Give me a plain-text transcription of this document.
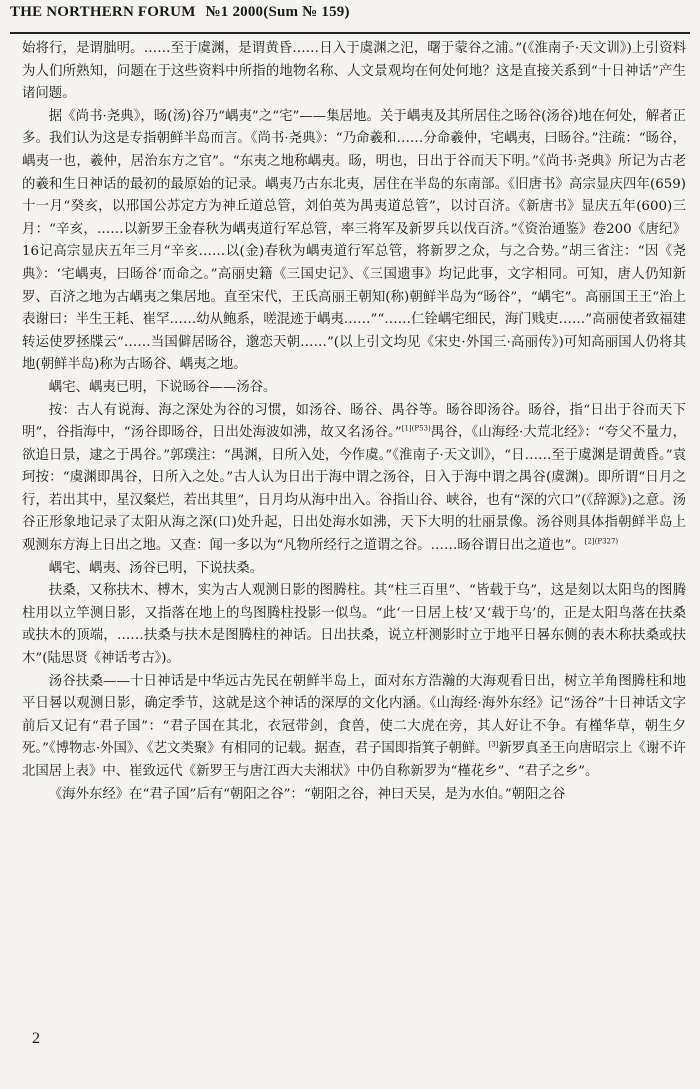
THE NORTHERN FORUM №1 2000(Sum № 159)

始将行，是谓朏明。……至于虞渊，是谓黄昏……日入于虞渊之汜，曙于蒙谷之浦。”(《淮南子·天文训》)上引资料为人们所熟知，问题在于这些资料中所指的地物名称、人文景观均在何处何地？这是直接关系到“十日神话”产生诸问题。

据《尚书·尧典》，旸(汤)谷乃“嵎夷”之“宅”——集居地。关于嵎夷及其所居住之旸谷(汤谷)地在何处，解者正多。我们认为这是专指朝鲜半岛而言。《尚书·尧典》：“乃命羲和……分命羲仲，宅嵎夷，曰旸谷。”注疏：“旸谷，嵎夷一也，羲仲，居治东方之官”。“东夷之地称嵎夷。旸，明也，日出于谷而天下明。”《尚书·尧典》所记为古老的羲和生日神话的最初的最原始的记录。嵎夷乃古东北夷，居住在半岛的东南部。《旧唐书》高宗显庆四年(659)十一月“癸亥，以邢国公苏定方为神丘道总管，刘伯英为禺夷道总管”，以讨百济。《新唐书》显庆五年(600)三月：“辛亥，……以新罗王金春秋为嵎夷道行军总管，率三将军及新罗兵以伐百济。”《资治通鉴》卷200《唐纪》16记高宗显庆五年三月“辛亥……以(金)春秋为嵎夷道行军总管，将新罗之众，与之合势。”胡三省注：“因《尧典》：‘宅嵎夷，曰旸谷’而命之。”高丽史籍《三国史记》、《三国遗事》均记此事，文字相同。可知，唐人仍知新罗、百济之地为古嵎夷之集居地。直至宋代，王氏高丽王朝知(称)朝鲜半岛为“旸谷”，“嵎宅”。高丽国王王“治上表谢曰：半生王耗、崔罕……幼从鲍系，嗟混迹于嵎夷……”“……仁铨嵎宅细民，海门贱吏……”高丽使者致福建转运使罗拯牒云“……当国僻居旸谷，邈恋天朝……”(以上引文均见《宋史·外国三·高丽传》)可知高丽国人仍将其地(朝鲜半岛)称为古旸谷、嵎夷之地。

嵎宅、嵎夷已明，下说旸谷——汤谷。

按：古人有说海、海之深处为谷的习惯，如汤谷、旸谷、禺谷等。旸谷即汤谷。旸谷，指“日出于谷而天下明”，谷指海中，“汤谷即旸谷，日出处海波如沸，故又名汤谷。”$^{[1](P53)}$禺谷，《山海经·大荒北经》：“夸父不量力，欲追日景，逮之于禺谷。”郭璞注：“禺渊，日所入处，今作虞。”《淮南子·天文训》，“日……至于虞渊是谓黄昏。”袁珂按：“虞渊即禺谷，日所入之处。”古人认为日出于海中谓之汤谷，日入于海中谓之禺谷(虞渊)。即所谓“日月之行，若出其中，星汉粲烂，若出其里”，日月均从海中出入。谷指山谷、峡谷，也有“深的穴口”(《辞源》)之意。汤谷正形象地记录了太阳从海之深(口)处升起，日出处海水如沸，天下大明的壮丽景像。汤谷则具体指朝鲜半岛上观测东方海上日出之地。又查：闻一多以为“凡物所经行之道谓之谷。……旸谷谓日出之道也”。$^{[2](P327)}$

嵎宅、嵎夷、汤谷已明，下说扶桑。

扶桑，又称扶木、榑木，实为古人观测日影的图腾柱。其“柱三百里”、“皆载于乌”，这是刻以太阳鸟的图腾柱用以立竿测日影，又指落在地上的鸟图腾柱投影一似鸟。“此‘一日居上枝’又‘载于乌’的，正是太阳鸟落在扶桑或扶木的顶端，……扶桑与扶木是图腾柱的神话。日出扶桑，说立杆测影时立于地平日晷东侧的表木称扶桑或扶木”(陆思贤《神话考古》)。

汤谷扶桑——十日神话是中华远古先民在朝鲜半岛上，面对东方浩瀚的大海观看日出，树立羊角图腾柱和地平日晷以观测日影，确定季节，这就是这个神话的深厚的文化内涵。《山海经·海外东经》记“汤谷”十日神话文字前后又记有“君子国”：“君子国在其北，衣冠带剑，食兽，使二大虎在旁，其人好让不争。有槿华草，朝生夕死。”《博物志·外国》、《艺文类聚》有相同的记载。据查，君子国即指箕子朝鲜。[3]新罗真圣王向唐昭宗上《谢不许北国居上表》中、崔致远代《新罗王与唐江西大夫湘状》中仍自称新罗为“槿花乡”、“君子之乡”。

《海外东经》在“君子国”后有“朝阳之谷”：“朝阳之谷，神曰天吴，是为水伯。”朝阳之谷

2
